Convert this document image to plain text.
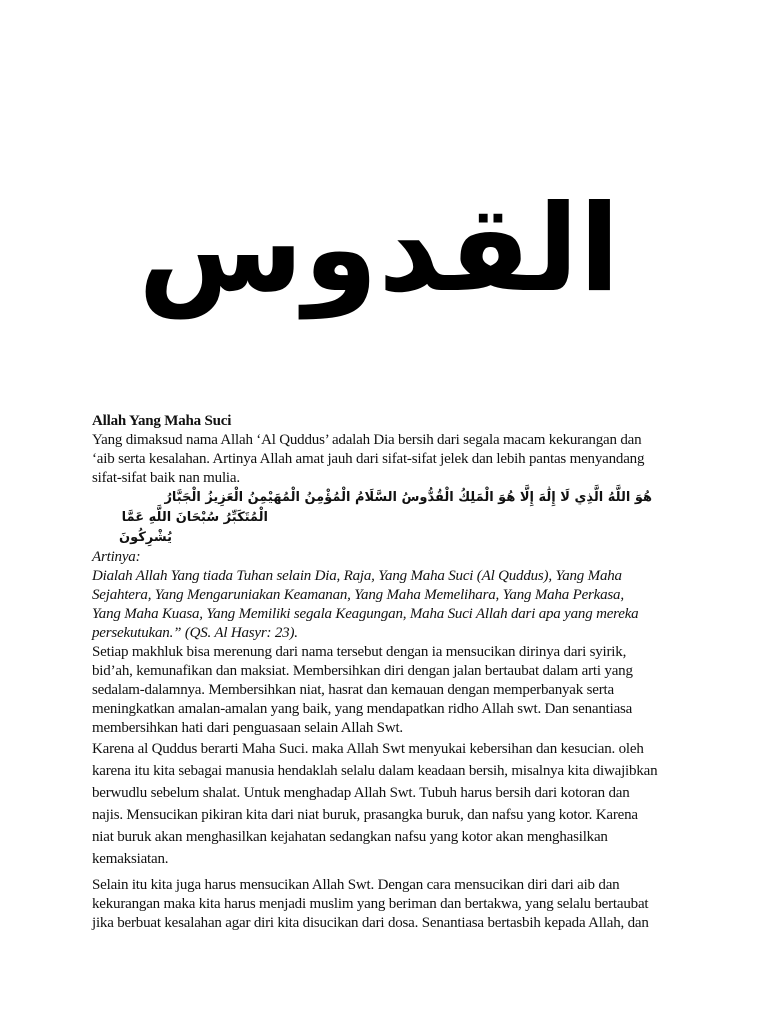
القدوس
Allah Yang Maha Suci
Yang dimaksud nama Allah ‘Al Quddus’ adalah Dia bersih dari segala macam kekurangan dan
‘aib serta kesalahan. Artinya Allah amat jauh dari sifat-sifat jelek dan lebih pantas menyandang
sifat-sifat baik nan mulia.
هُوَ اللَّهُ الَّذِي لَا إِلَٰهَ إِلَّا هُوَ الْمَلِكُ الْقُدُّوسُ السَّلَامُ الْمُؤْمِنُ الْمُهَيْمِنُ الْعَزِيزُ الْجَبَّارُ
الْمُتَكَبِّرُ سُبْحَانَ اللَّهِ عَمَّا
يُشْرِكُونَ
Artinya:
Dialah Allah Yang tiada Tuhan selain Dia, Raja, Yang Maha Suci (Al Quddus), Yang Maha
Sejahtera, Yang Mengaruniakan Keamanan, Yang Maha Memelihara, Yang Maha Perkasa,
Yang Maha Kuasa, Yang Memiliki segala Keagungan, Maha Suci Allah dari apa yang mereka
persekutukan.” (QS. Al Hasyr: 23).
Setiap makhluk bisa merenung dari nama tersebut dengan ia mensucikan dirinya dari syirik,
bid’ah, kemunafikan dan maksiat. Membersihkan diri dengan jalan bertaubat dalam arti yang
sedalam-dalamnya. Membersihkan niat, hasrat dan kemauan dengan memperbanyak serta
meningkatkan amalan-amalan yang baik, yang mendapatkan ridho Allah swt. Dan senantiasa
membersihkan hati dari penguasaan selain Allah Swt.
Karena al Quddus berarti Maha Suci. maka Allah Swt menyukai kebersihan dan kesucian. oleh
karena itu kita sebagai manusia hendaklah selalu dalam keadaan bersih, misalnya kita diwajibkan
berwudlu sebelum shalat. Untuk menghadap Allah Swt. Tubuh harus bersih dari kotoran dan
najis. Mensucikan pikiran kita dari niat buruk, prasangka buruk, dan nafsu yang kotor. Karena
niat buruk akan menghasilkan kejahatan sedangkan nafsu yang kotor akan menghasilkan
kemaksiatan.
Selain itu kita juga harus mensucikan Allah Swt. Dengan cara mensucikan diri dari aib dan
kekurangan maka kita harus menjadi muslim yang beriman dan bertakwa, yang selalu bertaubat
jika berbuat kesalahan agar diri kita disucikan dari dosa. Senantiasa bertasbih kepada Allah, dan
